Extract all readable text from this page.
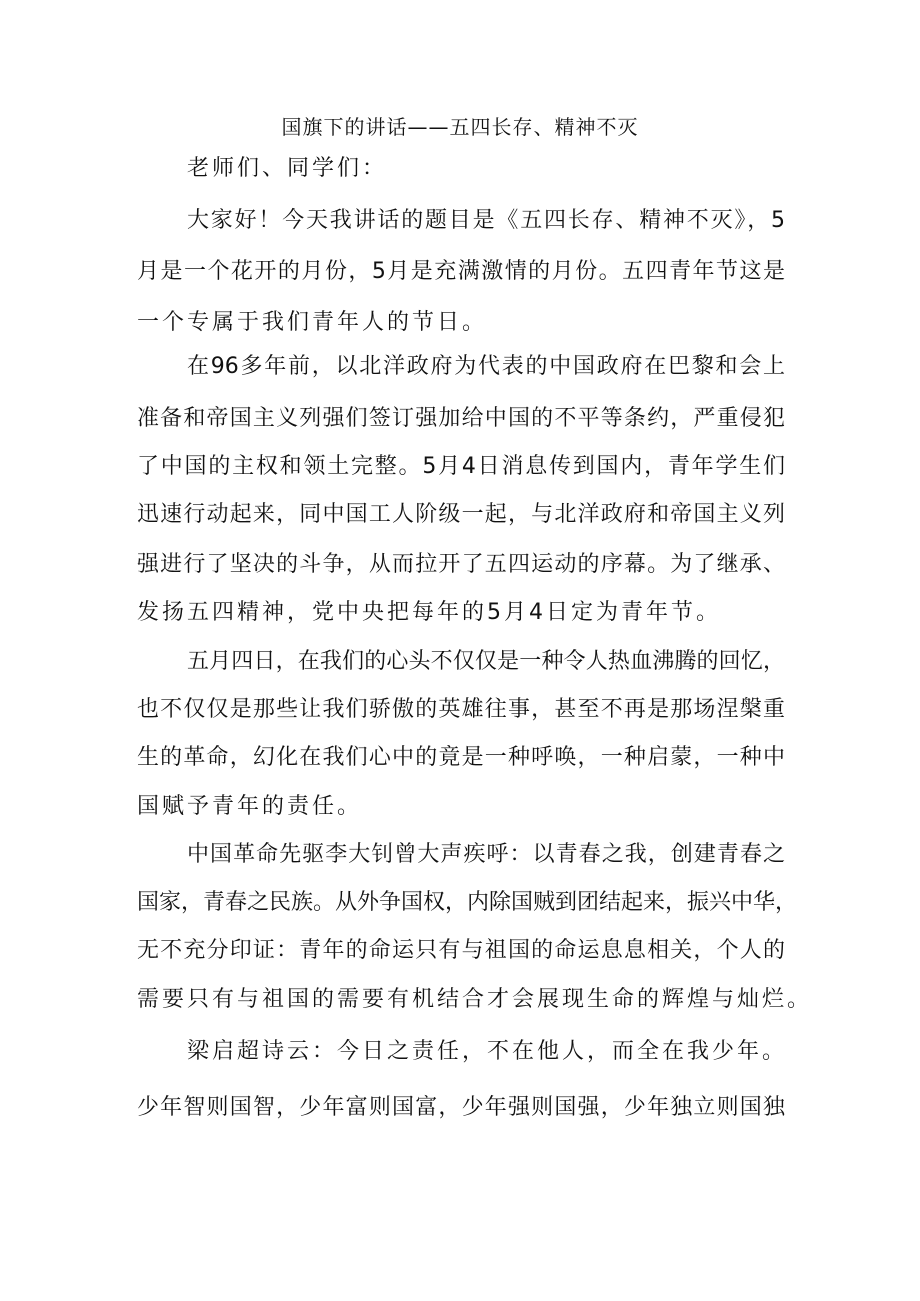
国旗下的讲话——五四长存、精神不灭
老师们、同学们：
大家好！今天我讲话的题目是《五四长存、精神不灭》，5
月是一个花开的月份，5月是充满激情的月份。五四青年节这是
一个专属于我们青年人的节日。
在96多年前，以北洋政府为代表的中国政府在巴黎和会上
准备和帝国主义列强们签订强加给中国的不平等条约，严重侵犯
了中国的主权和领土完整。5月4日消息传到国内，青年学生们
迅速行动起来，同中国工人阶级一起，与北洋政府和帝国主义列
强进行了坚决的斗争，从而拉开了五四运动的序幕。为了继承、
发扬五四精神，党中央把每年的5月4日定为青年节。
五月四日，在我们的心头不仅仅是一种令人热血沸腾的回忆，
也不仅仅是那些让我们骄傲的英雄往事，甚至不再是那场涅槃重
生的革命，幻化在我们心中的竟是一种呼唤，一种启蒙，一种中
国赋予青年的责任。
中国革命先驱李大钊曾大声疾呼：以青春之我，创建青春之
国家，青春之民族。从外争国权，内除国贼到团结起来，振兴中华，
无不充分印证：青年的命运只有与祖国的命运息息相关，个人的
需要只有与祖国的需要有机结合才会展现生命的辉煌与灿烂。
梁启超诗云：今日之责任，不在他人，而全在我少年。
少年智则国智，少年富则国富，少年强则国强，少年独立则国独
